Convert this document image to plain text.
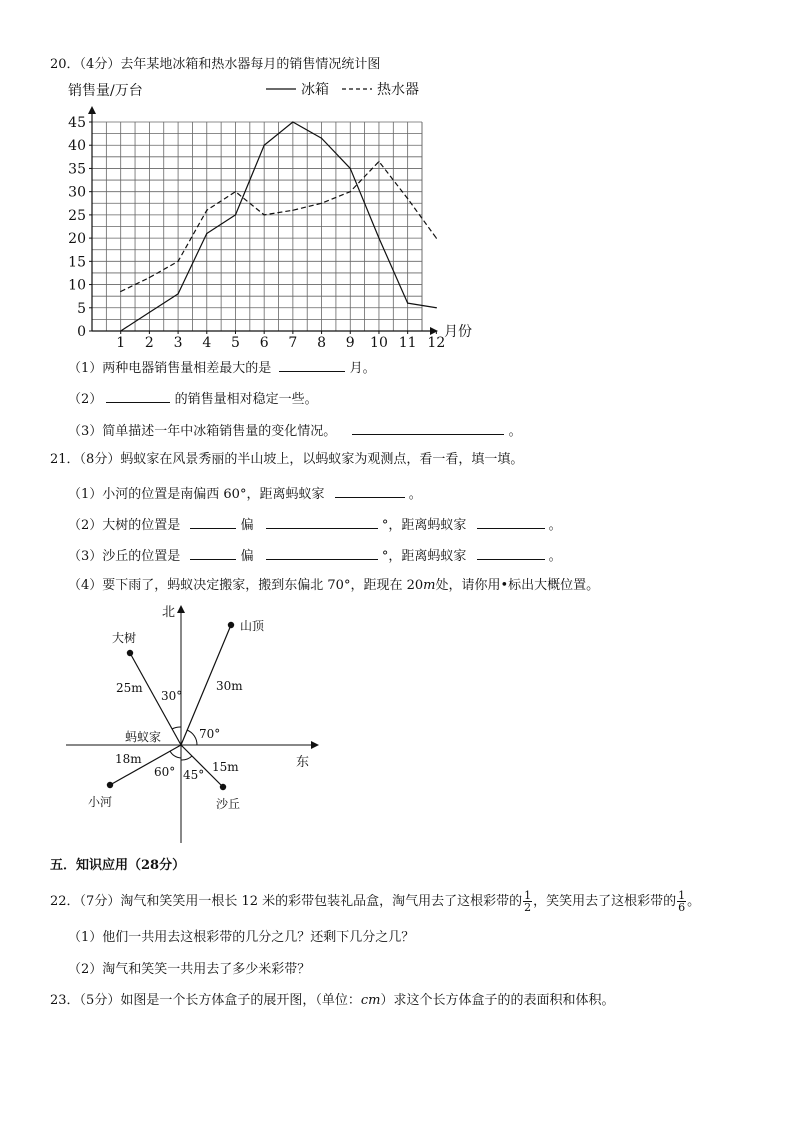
20．（4分）去年某地冰箱和热水器每月的销售情况统计图
0
5
10
15
20
25
30
35
40
45
1 2 3 4 5 6 7 8 9 10 11 12
销售量/万台
月份
冰箱	热水器
（1）两种电器销售量相差最大的是	月。
（2）	的销售量相对稳定一些。
（3）简单描述一年中冰箱销售量的变化情况。	。
21．（8分）蚂蚁家在风景秀丽的半山坡上，以蚂蚁家为观测点，看一看，填一填。
（1）小河的位置是南偏西 60°，距离蚂蚁家	。
（2）大树的位置是	偏	°，距离蚂蚁家	。
（3）沙丘的位置是	偏	°，距离蚂蚁家	。
（4）要下雨了，蚂蚁决定搬家，搬到东偏北 70°，距现在 20m处，请你用•标出大概位置。
北
东
大树
山顶
小河	沙丘
蚂蚁家
25m	30m
18m
15m
30°
70°
60° 45°
五．知识应用（28分）
22．（7分）淘气和笑笑用一根长 12 米的彩带包装礼品盒，淘气用去了这根彩带的 $\frac{1}{2}$ ，笑笑用去了这根彩带的 $\frac{1}{6}$ 。
（1）他们一共用去这根彩带的几分之几？还剩下几分之几？
（2）淘气和笑笑一共用去了多少米彩带？
23．（5分）如图是一个长方体盒子的展开图，（单位：cm）求这个长方体盒子的的表面积和体积。
